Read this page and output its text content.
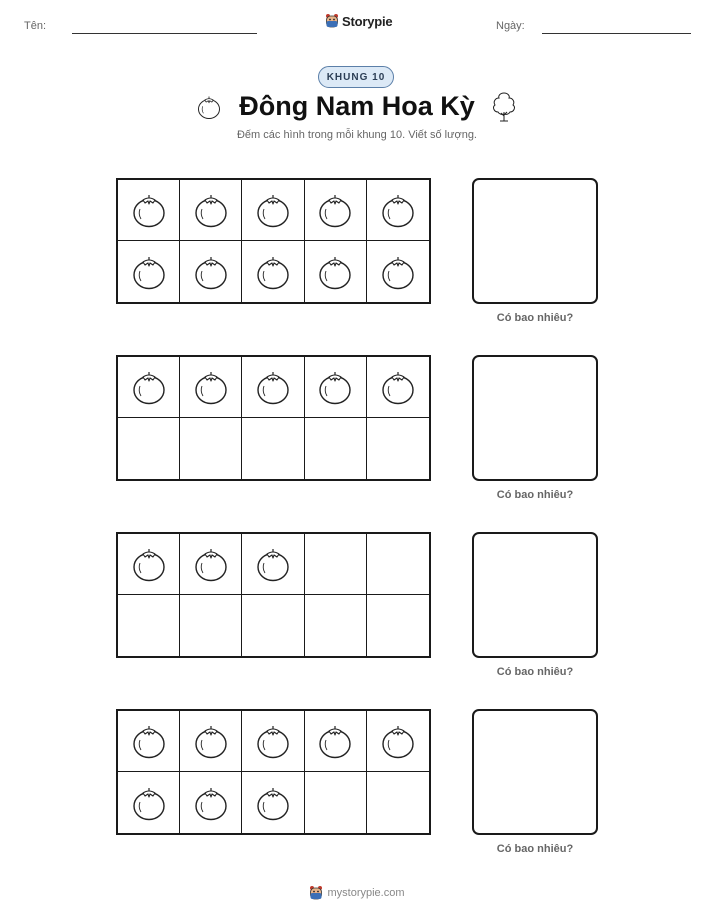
Tên:	Storypie	Ngày:
KHUNG 10
Đông Nam Hoa Kỳ
Đếm các hình trong mỗi khung 10. Viết số lượng.
Có bao nhiêu?
Có bao nhiêu?
Có bao nhiêu?
Có bao nhiêu?
mystorypie.com
